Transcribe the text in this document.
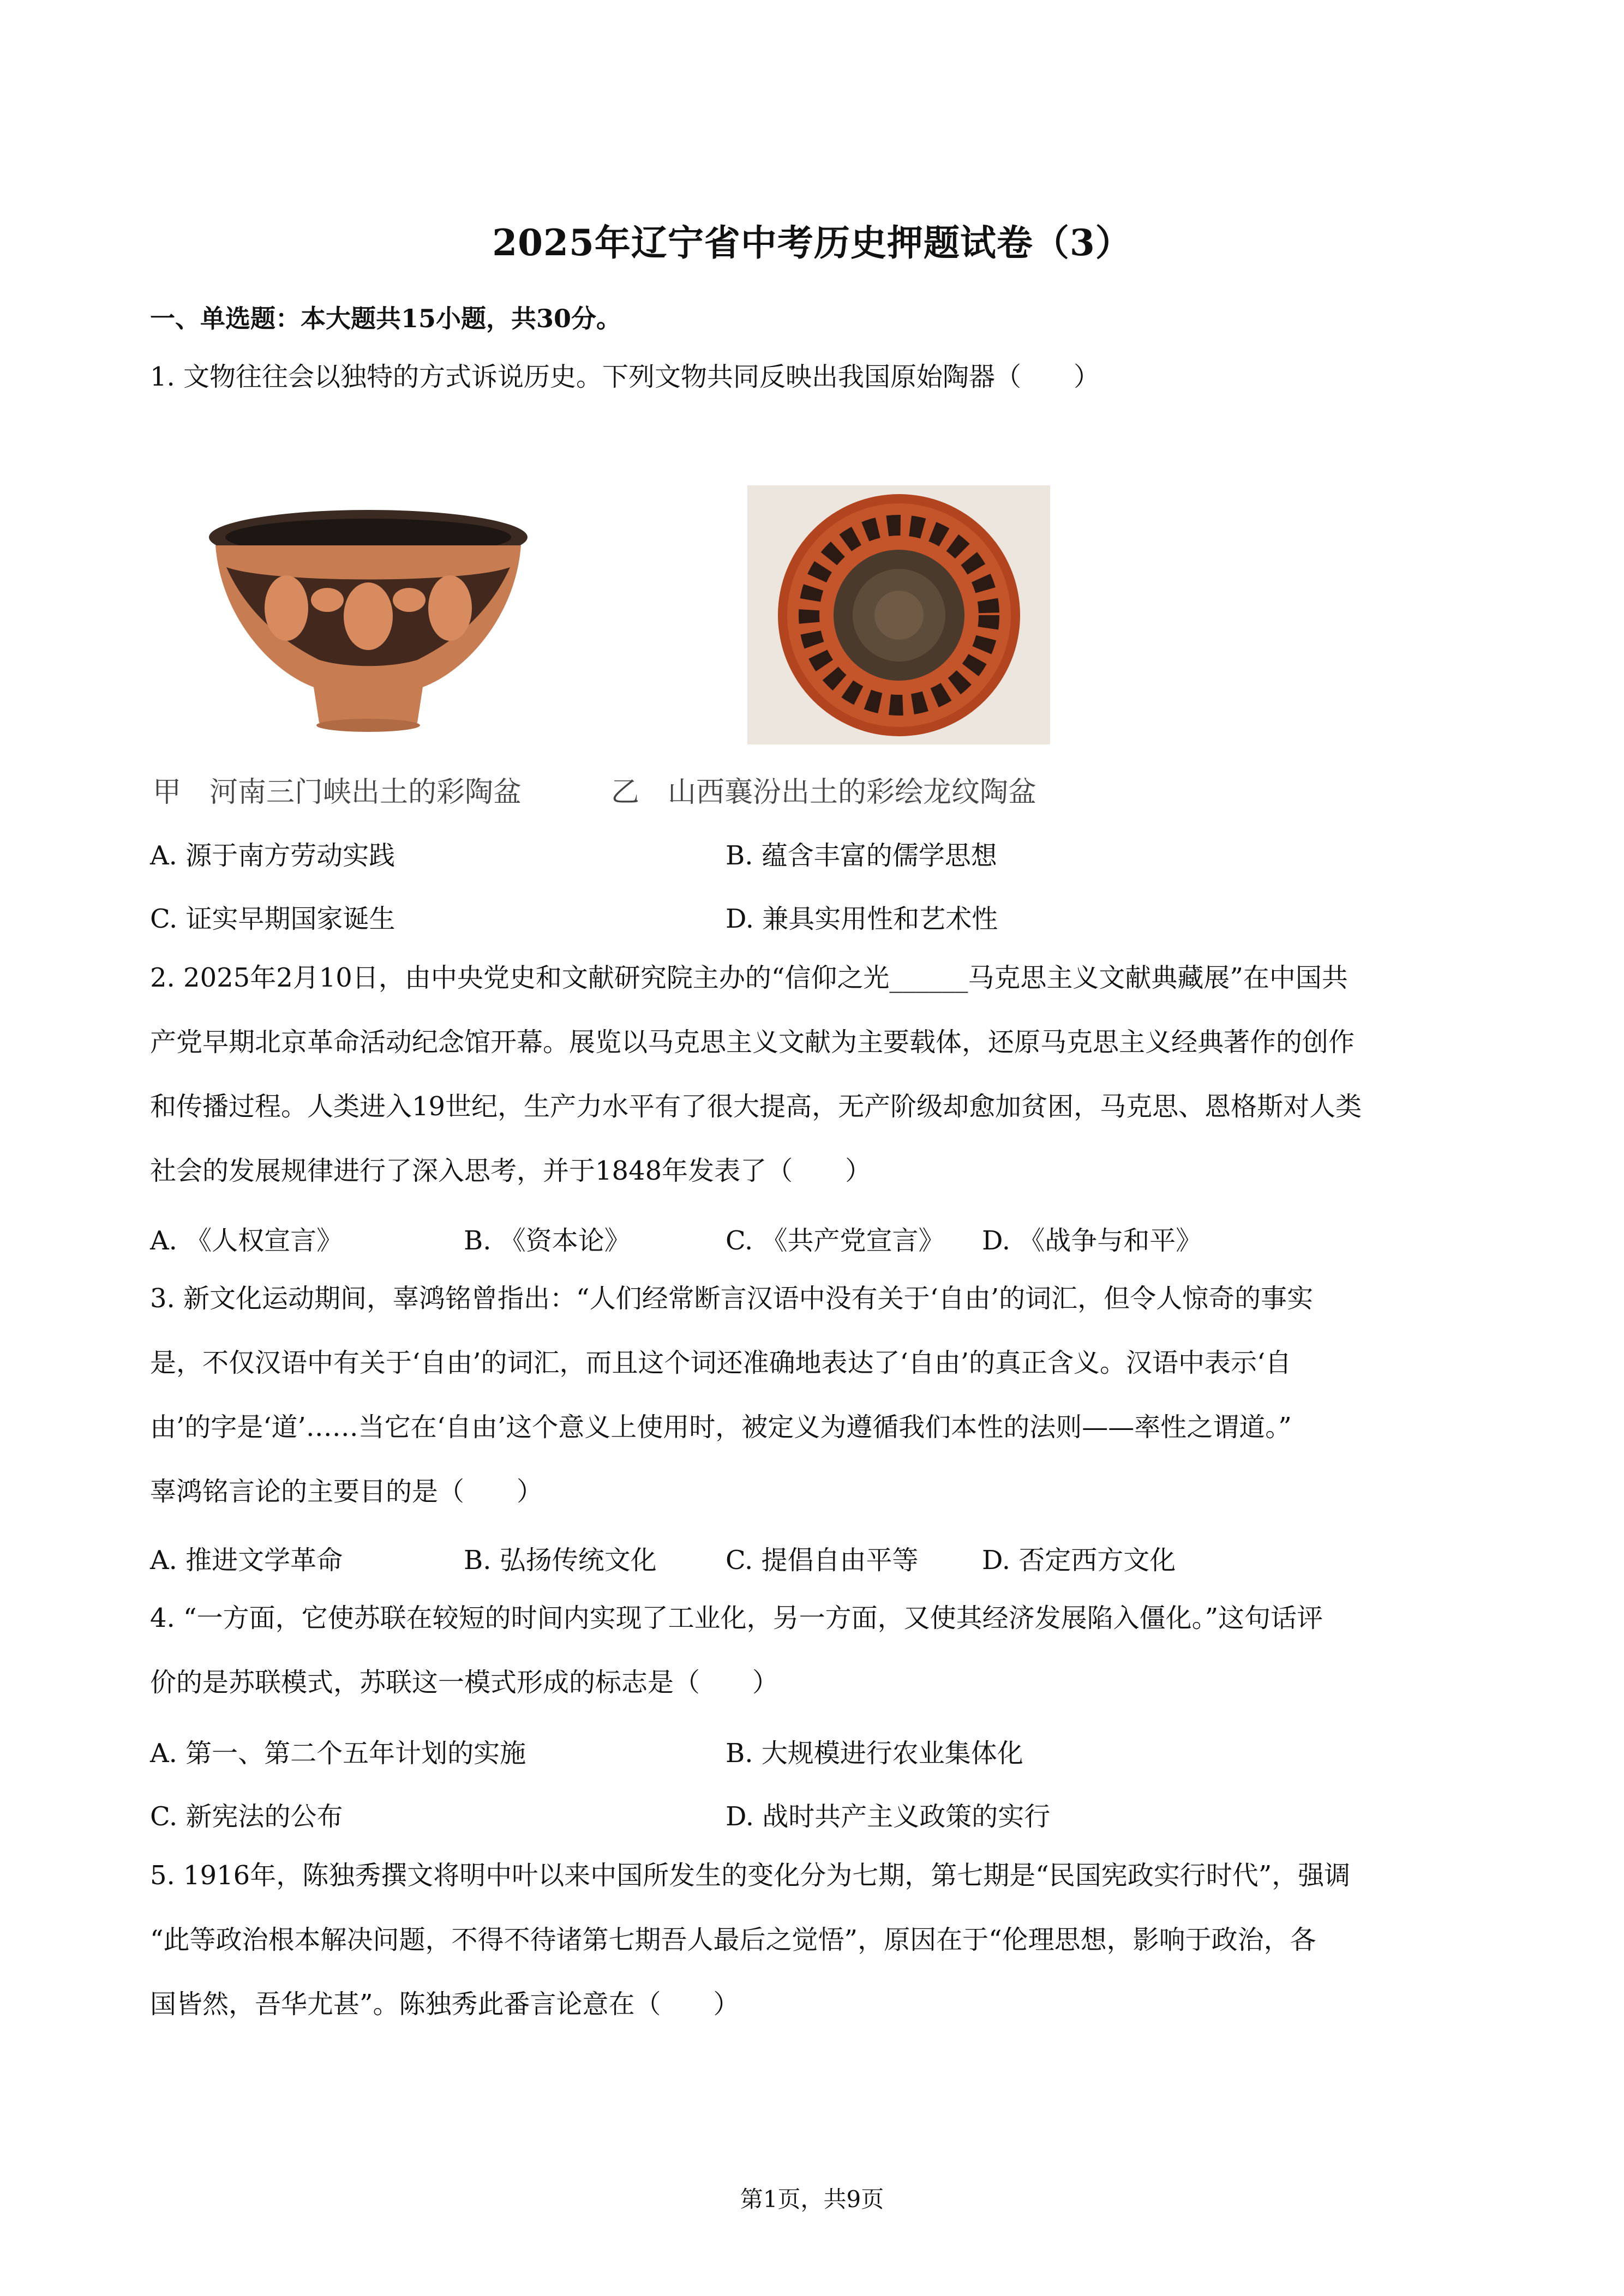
2025年辽宁省中考历史押题试卷（3）
一、单选题：本大题共15小题，共30分。
1. 文物往往会以独特的方式诉说历史。下列文物共同反映出我国原始陶器（　　）
甲　河南三门峡出土的彩陶盆	乙　山西襄汾出土的彩绘龙纹陶盆
A. 源于南方劳动实践	B. 蕴含丰富的儒学思想
C. 证实早期国家诞生	D. 兼具实用性和艺术性
2. 2025年2月10日，由中央党史和文献研究院主办的“信仰之光______马克思主义文献典藏展”在中国共
产党早期北京革命活动纪念馆开幕。展览以马克思主义文献为主要载体，还原马克思主义经典著作的创作
和传播过程。人类进入19世纪，生产力水平有了很大提高，无产阶级却愈加贫困，马克思、恩格斯对人类
社会的发展规律进行了深入思考，并于1848年发表了（　　）
A. 《人权宣言》	B. 《资本论》	C. 《共产党宣言》 D. 《战争与和平》
3. 新文化运动期间，辜鸿铭曾指出：“人们经常断言汉语中没有关于‘自由’的词汇，但令人惊奇的事实
是，不仅汉语中有关于‘自由’的词汇，而且这个词还准确地表达了‘自由’的真正含义。汉语中表示‘自
由’的字是‘道’……当它在‘自由’这个意义上使用时，被定义为遵循我们本性的法则——率性之谓道。”
辜鸿铭言论的主要目的是（　　）
A. 推进文学革命	B. 弘扬传统文化	C. 提倡自由平等 D. 否定西方文化
4. “一方面，它使苏联在较短的时间内实现了工业化，另一方面，又使其经济发展陷入僵化。”这句话评
价的是苏联模式，苏联这一模式形成的标志是（　　）
A. 第一、第二个五年计划的实施	B. 大规模进行农业集体化
C. 新宪法的公布	D. 战时共产主义政策的实行
5. 1916年，陈独秀撰文将明中叶以来中国所发生的变化分为七期，第七期是“民国宪政实行时代”，强调
“此等政治根本解决问题，不得不待诸第七期吾人最后之觉悟”，原因在于“伦理思想，影响于政治，各
国皆然，吾华尤甚”。陈独秀此番言论意在（　　）
第1页，共9页
